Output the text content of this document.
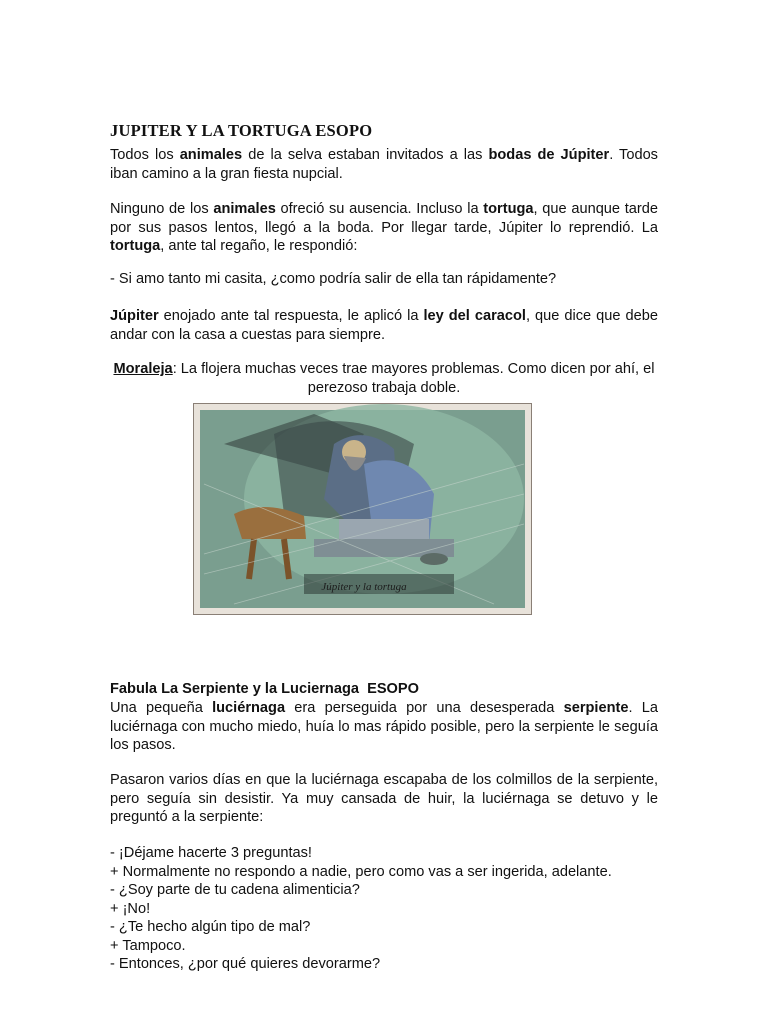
JUPITER Y LA TORTUGA ESOPO

Todos los animales de la selva estaban invitados a las bodas de Júpiter. Todos iban camino a la gran fiesta nupcial.

Ninguno de los animales ofreció su ausencia. Incluso la tortuga, que aunque tarde por sus pasos lentos, llegó a la boda. Por llegar tarde, Júpiter lo reprendió. La tortuga, ante tal regaño, le respondió:

- Si amo tanto mi casita, ¿como podría salir de ella tan rápidamente?

Júpiter enojado ante tal respuesta, le aplicó la ley del caracol, que dice que debe andar con la casa a cuestas para siempre.

Moraleja: La flojera muchas veces trae mayores problemas. Como dicen por ahí, el perezoso trabaja doble.

Júpiter y la tortuga
Fabula La Serpiente y la Luciernaga  ESOPO

Una pequeña luciérnaga era perseguida por una desesperada serpiente. La luciérnaga con mucho miedo, huía lo mas rápido posible, pero la serpiente le seguía los pasos.

Pasaron varios días en que la luciérnaga escapaba de los colmillos de la serpiente, pero seguía sin desistir. Ya muy cansada de huir, la luciérnaga se detuvo y le preguntó a la serpiente:

- ¡Déjame hacerte 3 preguntas!
+ Normalmente no respondo a nadie, pero como vas a ser ingerida, adelante.
- ¿Soy parte de tu cadena alimenticia?
+ ¡No!
- ¿Te hecho algún tipo de mal?
+ Tampoco.
- Entonces, ¿por qué quieres devorarme?
